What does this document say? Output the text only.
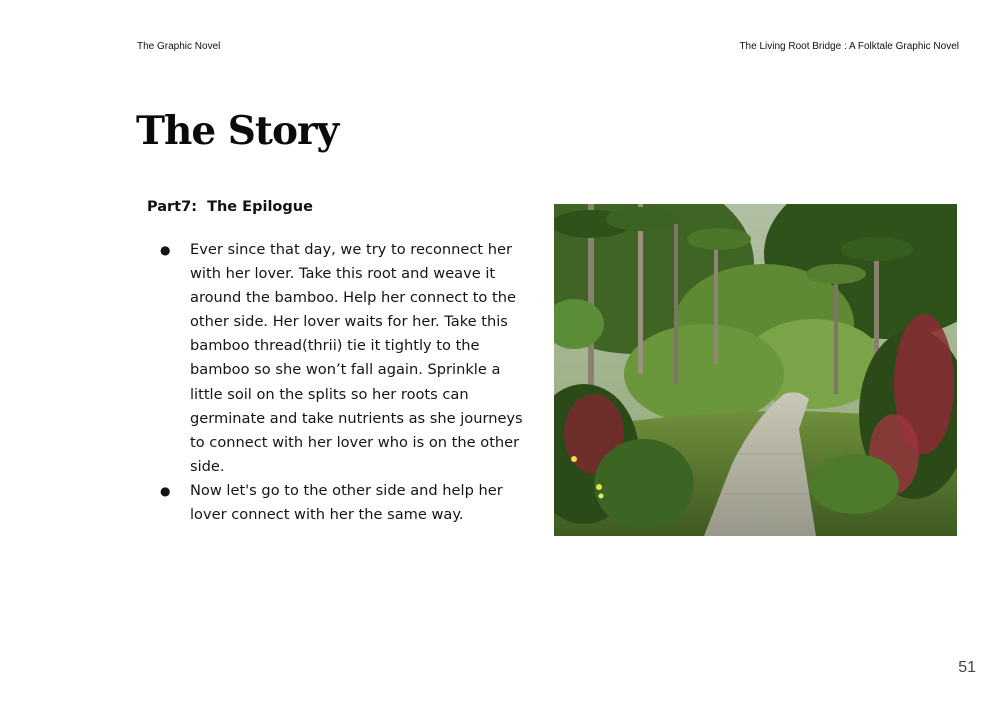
The Graphic Novel	The Living Root Bridge : A Folktale Graphic Novel
The Story
Part7:  The Epilogue
● Ever since that day, we try to reconnect her with her lover. Take this root and weave it around the bamboo. Help her connect to the other side. Her lover waits for her. Take this bamboo thread(thrii) tie it tightly to the bamboo so she won’t fall again. Sprinkle a little soil on the splits so her roots can germinate and take nutrients as she journeys to connect with her lover who is on the other side.
● Now let's go to the other side and help her lover connect with her the same way.
51
